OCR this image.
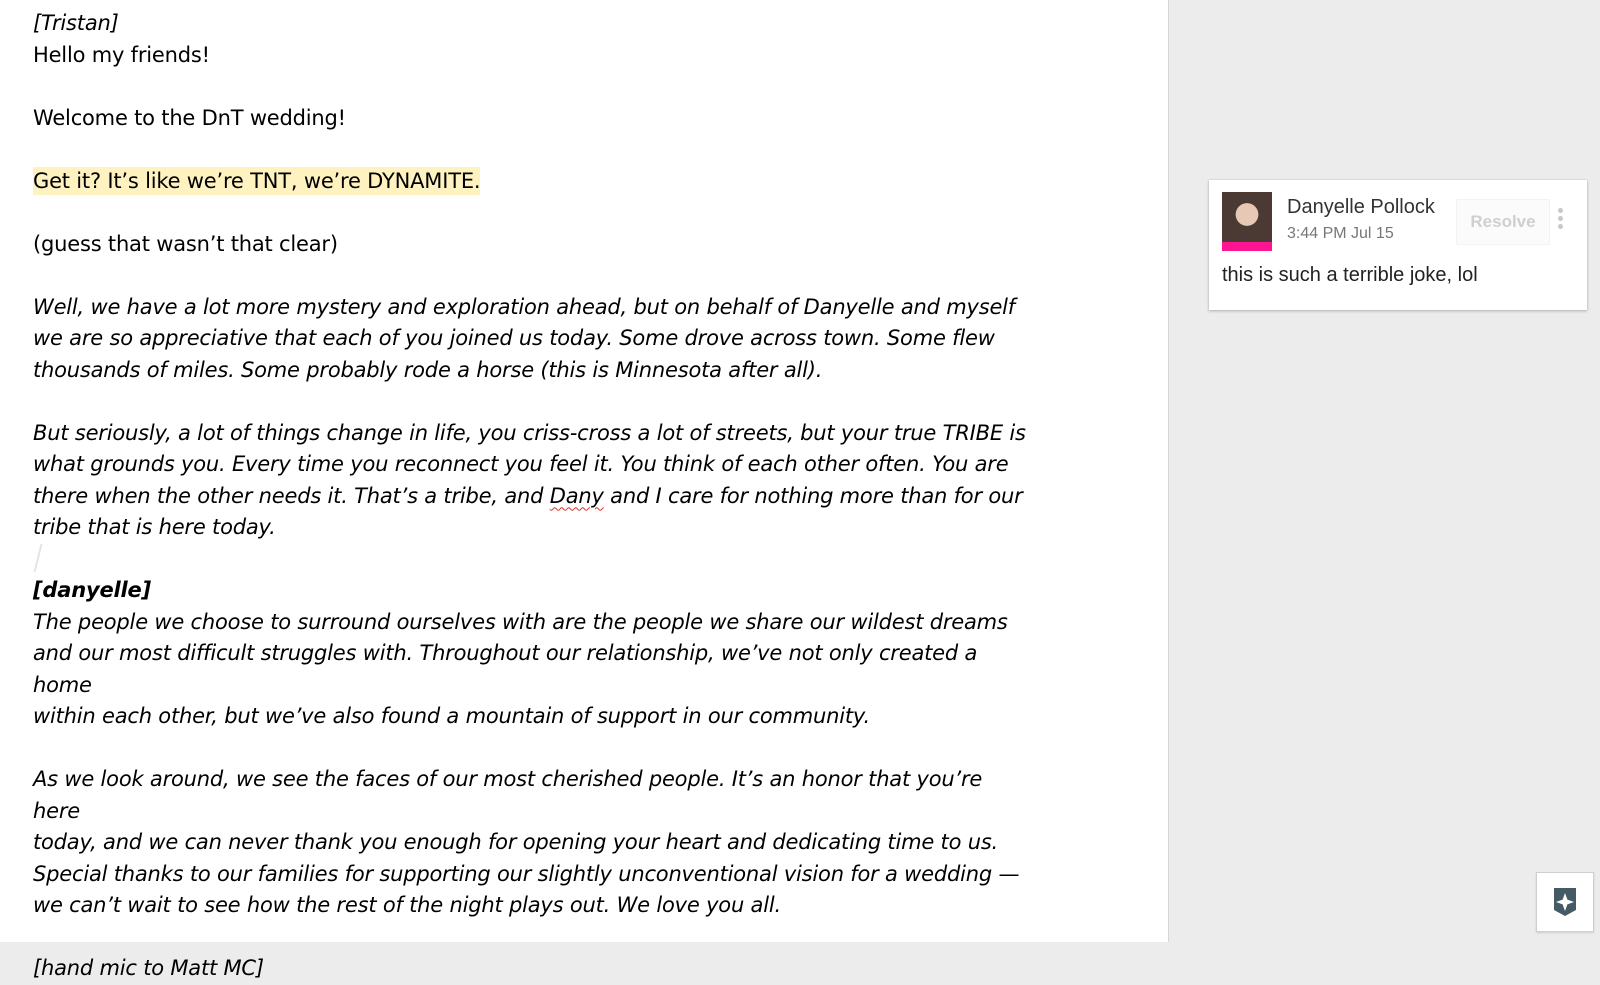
[Tristan]

Hello my friends!

Welcome to the DnT wedding!

Get it? It’s like we’re TNT, we’re DYNAMITE.

(guess that wasn’t that clear)

Well, we have a lot more mystery and exploration ahead, but on behalf of Danyelle and myself

we are so appreciative that each of you joined us today. Some drove across town. Some flew

thousands of miles. Some probably rode a horse (this is Minnesota after all).

But seriously, a lot of things change in life, you criss-cross a lot of streets, but your true TRIBE is

what grounds you. Every time you reconnect you feel it. You think of each other often. You are

there when the other needs it. That’s a tribe, and Dany and I care for nothing more than for our

tribe that is here today.

[danyelle]

The people we choose to surround ourselves with are the people we share our wildest dreams

and our most difficult struggles with. Throughout our relationship, we’ve not only created a home

within each other, but we’ve also found a mountain of support in our community.

As we look around, we see the faces of our most cherished people. It’s an honor that you’re here

today, and we can never thank you enough for opening your heart and dedicating time to us.

Special thanks to our families for supporting our slightly unconventional vision for a wedding —

we can’t wait to see how the rest of the night plays out. We love you all.

[hand mic to Matt MC]

Danyelle Pollock
3:44 PM Jul 15
Resolve
this is such a terrible joke, lol
